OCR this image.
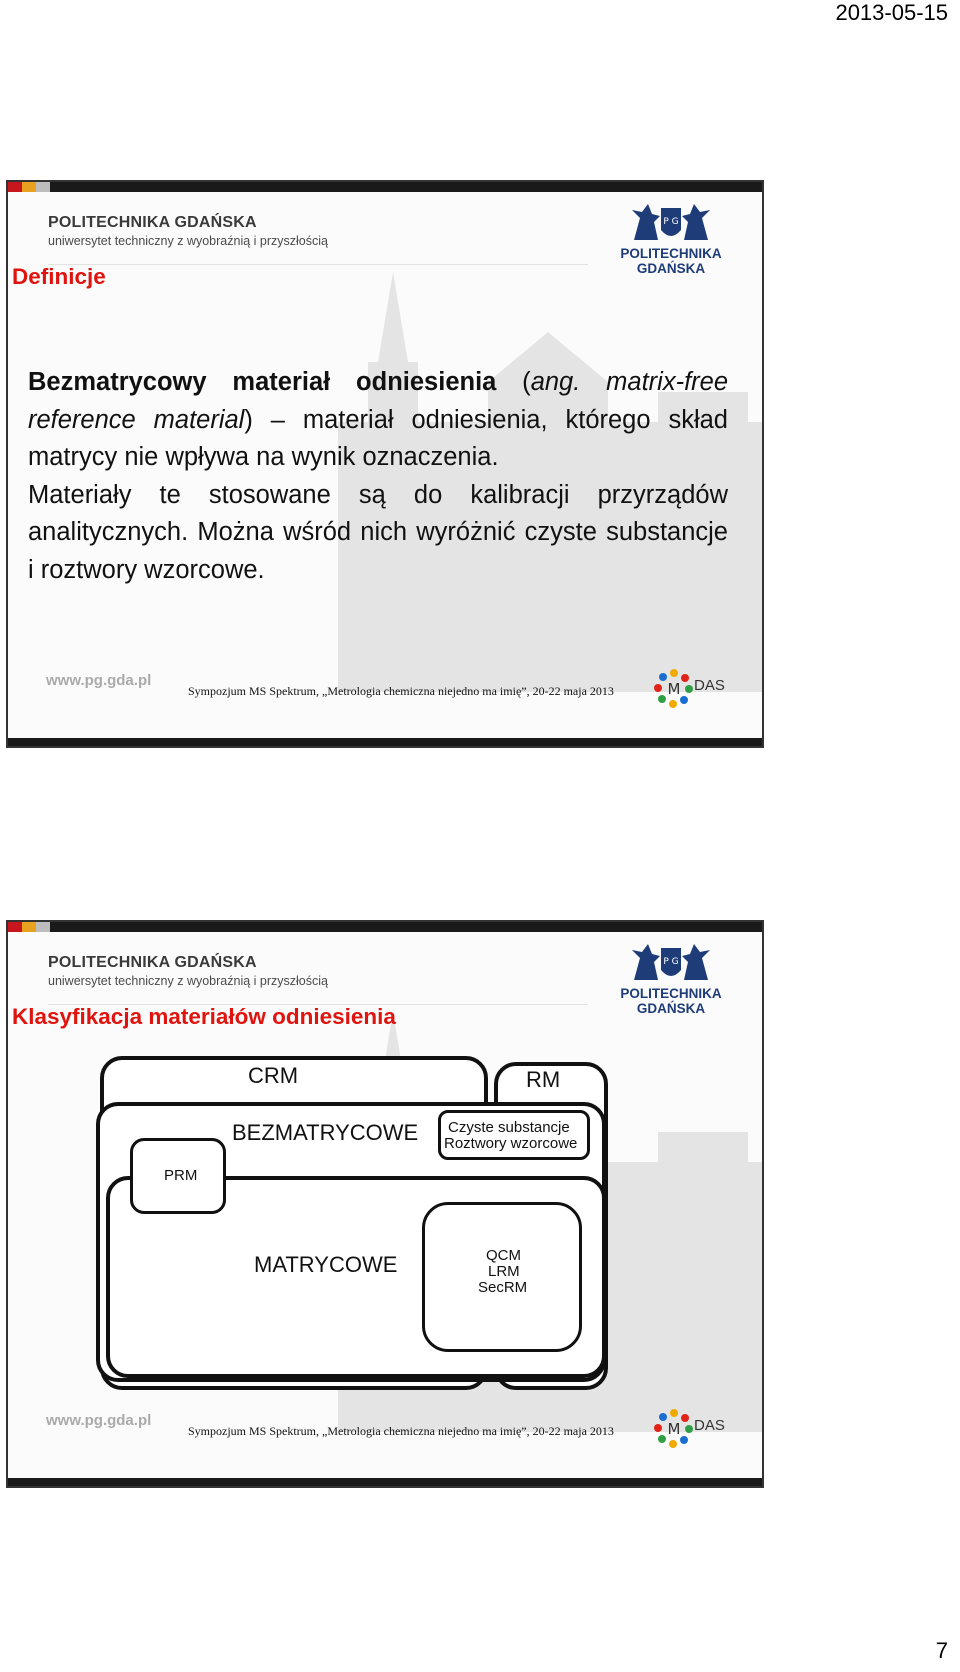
2013-05-15
POLITECHNIKA GDAŃSKA
uniwersytet techniczny z wyobraźnią i przyszłością
P G
POLITECHNIKA
GDAŃSKA
Definicje

Bezmatrycowy materiał odniesienia (ang. matrix-free reference material) – materiał odniesienia, którego skład matrycy nie wpływa na wynik oznaczenia.

Materiały te stosowane są do kalibracji przyrządów analitycznych. Można wśród nich wyróżnić czyste substancje i roztwory wzorcowe.

www.pg.gda.pl
Sympozjum MS Spektrum, „Metrologia chemiczna niejedno ma imię”, 20-22 maja 2013	M DAS
POLITECHNIKA GDAŃSKA
uniwersytet techniczny z wyobraźnią i przyszłością
P G
POLITECHNIKA
GDAŃSKA
Klasyfikacja materiałów odniesienia
CRM	RM
BEZMATRYCOWE Czyste substancje
Roztwory wzorcowe
PRM
MATRYCOWE	QCM
LRM
SecRM
www.pg.gda.pl
Sympozjum MS Spektrum, „Metrologia chemiczna niejedno ma imię”, 20-22 maja 2013	M DAS
7
